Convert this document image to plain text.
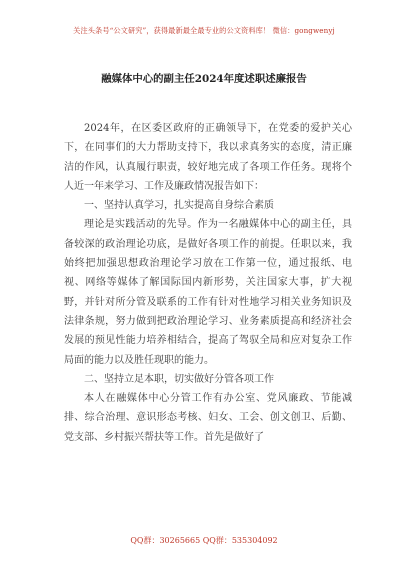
关注头条号“公文研究”，获得最新最全最专业的公文资料库！ 微信：gongwenyj
融媒体中心的副主任2024年度述职述廉报告

2024年，在区委区政府的正确领导下，在党委的爱护关心下，在同事们的大力帮助支持下，我以求真务实的态度，清正廉洁的作风，认真履行职责，较好地完成了各项工作任务。现将个人近一年来学习、工作及廉政情况报告如下：

一、坚持认真学习，扎实提高自身综合素质

理论是实践活动的先导。作为一名融媒体中心的副主任，具备较深的政治理论功底，是做好各项工作的前提。任职以来，我始终把加强思想政治理论学习放在工作第一位，通过报纸、电视、网络等媒体了解国际国内新形势，关注国家大事，扩大视野，并针对所分管及联系的工作有针对性地学习相关业务知识及法律条规，努力做到把政治理论学习、业务素质提高和经济社会发展的预见性能力培养相结合，提高了驾驭全局和应对复杂工作局面的能力以及胜任现职的能力。

二、坚持立足本职，切实做好分管各项工作

本人在融媒体中心分管工作有办公室、党风廉政、节能减排、综合治理、意识形态考核、妇女、工会、创文创卫、后勤、党支部、乡村振兴帮扶等工作。首先是做好了

QQ群：30265665 QQ群：535304092
